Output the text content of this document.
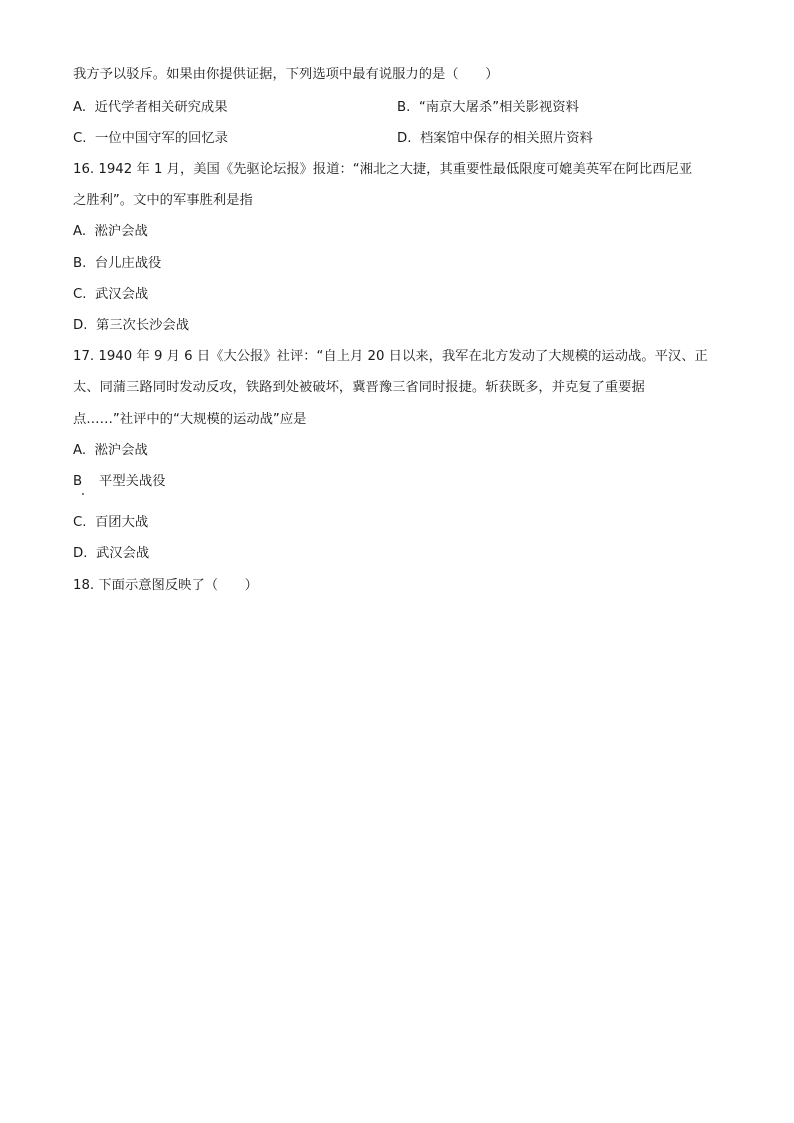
我方予以驳斥。如果由你提供证据，下列选项中最有说服力的是（　　）
A. 近代学者相关研究成果	B. “南京大屠杀”相关影视资料
C. 一位中国守军的回忆录	D. 档案馆中保存的相关照片资料
16. 1942 年 1 月，美国《先驱论坛报》报道：“湘北之大捷，其重要性最低限度可媲美英军在阿比西尼亚
之胜利”。文中的军事胜利是指
A. 淞沪会战
B. 台儿庄战役
C. 武汉会战
D. 第三次长沙会战
17. 1940 年 9 月 6 日《大公报》社评：“自上月 20 日以来，我军在北方发动了大规模的运动战。平汉、正
太、同蒲三路同时发动反攻，铁路到处被破坏，冀晋豫三省同时报捷。斩获既多，并克复了重要据
点……”社评中的“大规模的运动战”应是
A. 淞沪会战
B 平型关战役
C. 百团大战
D. 武汉会战
18. 下面示意图反映了（　　）
